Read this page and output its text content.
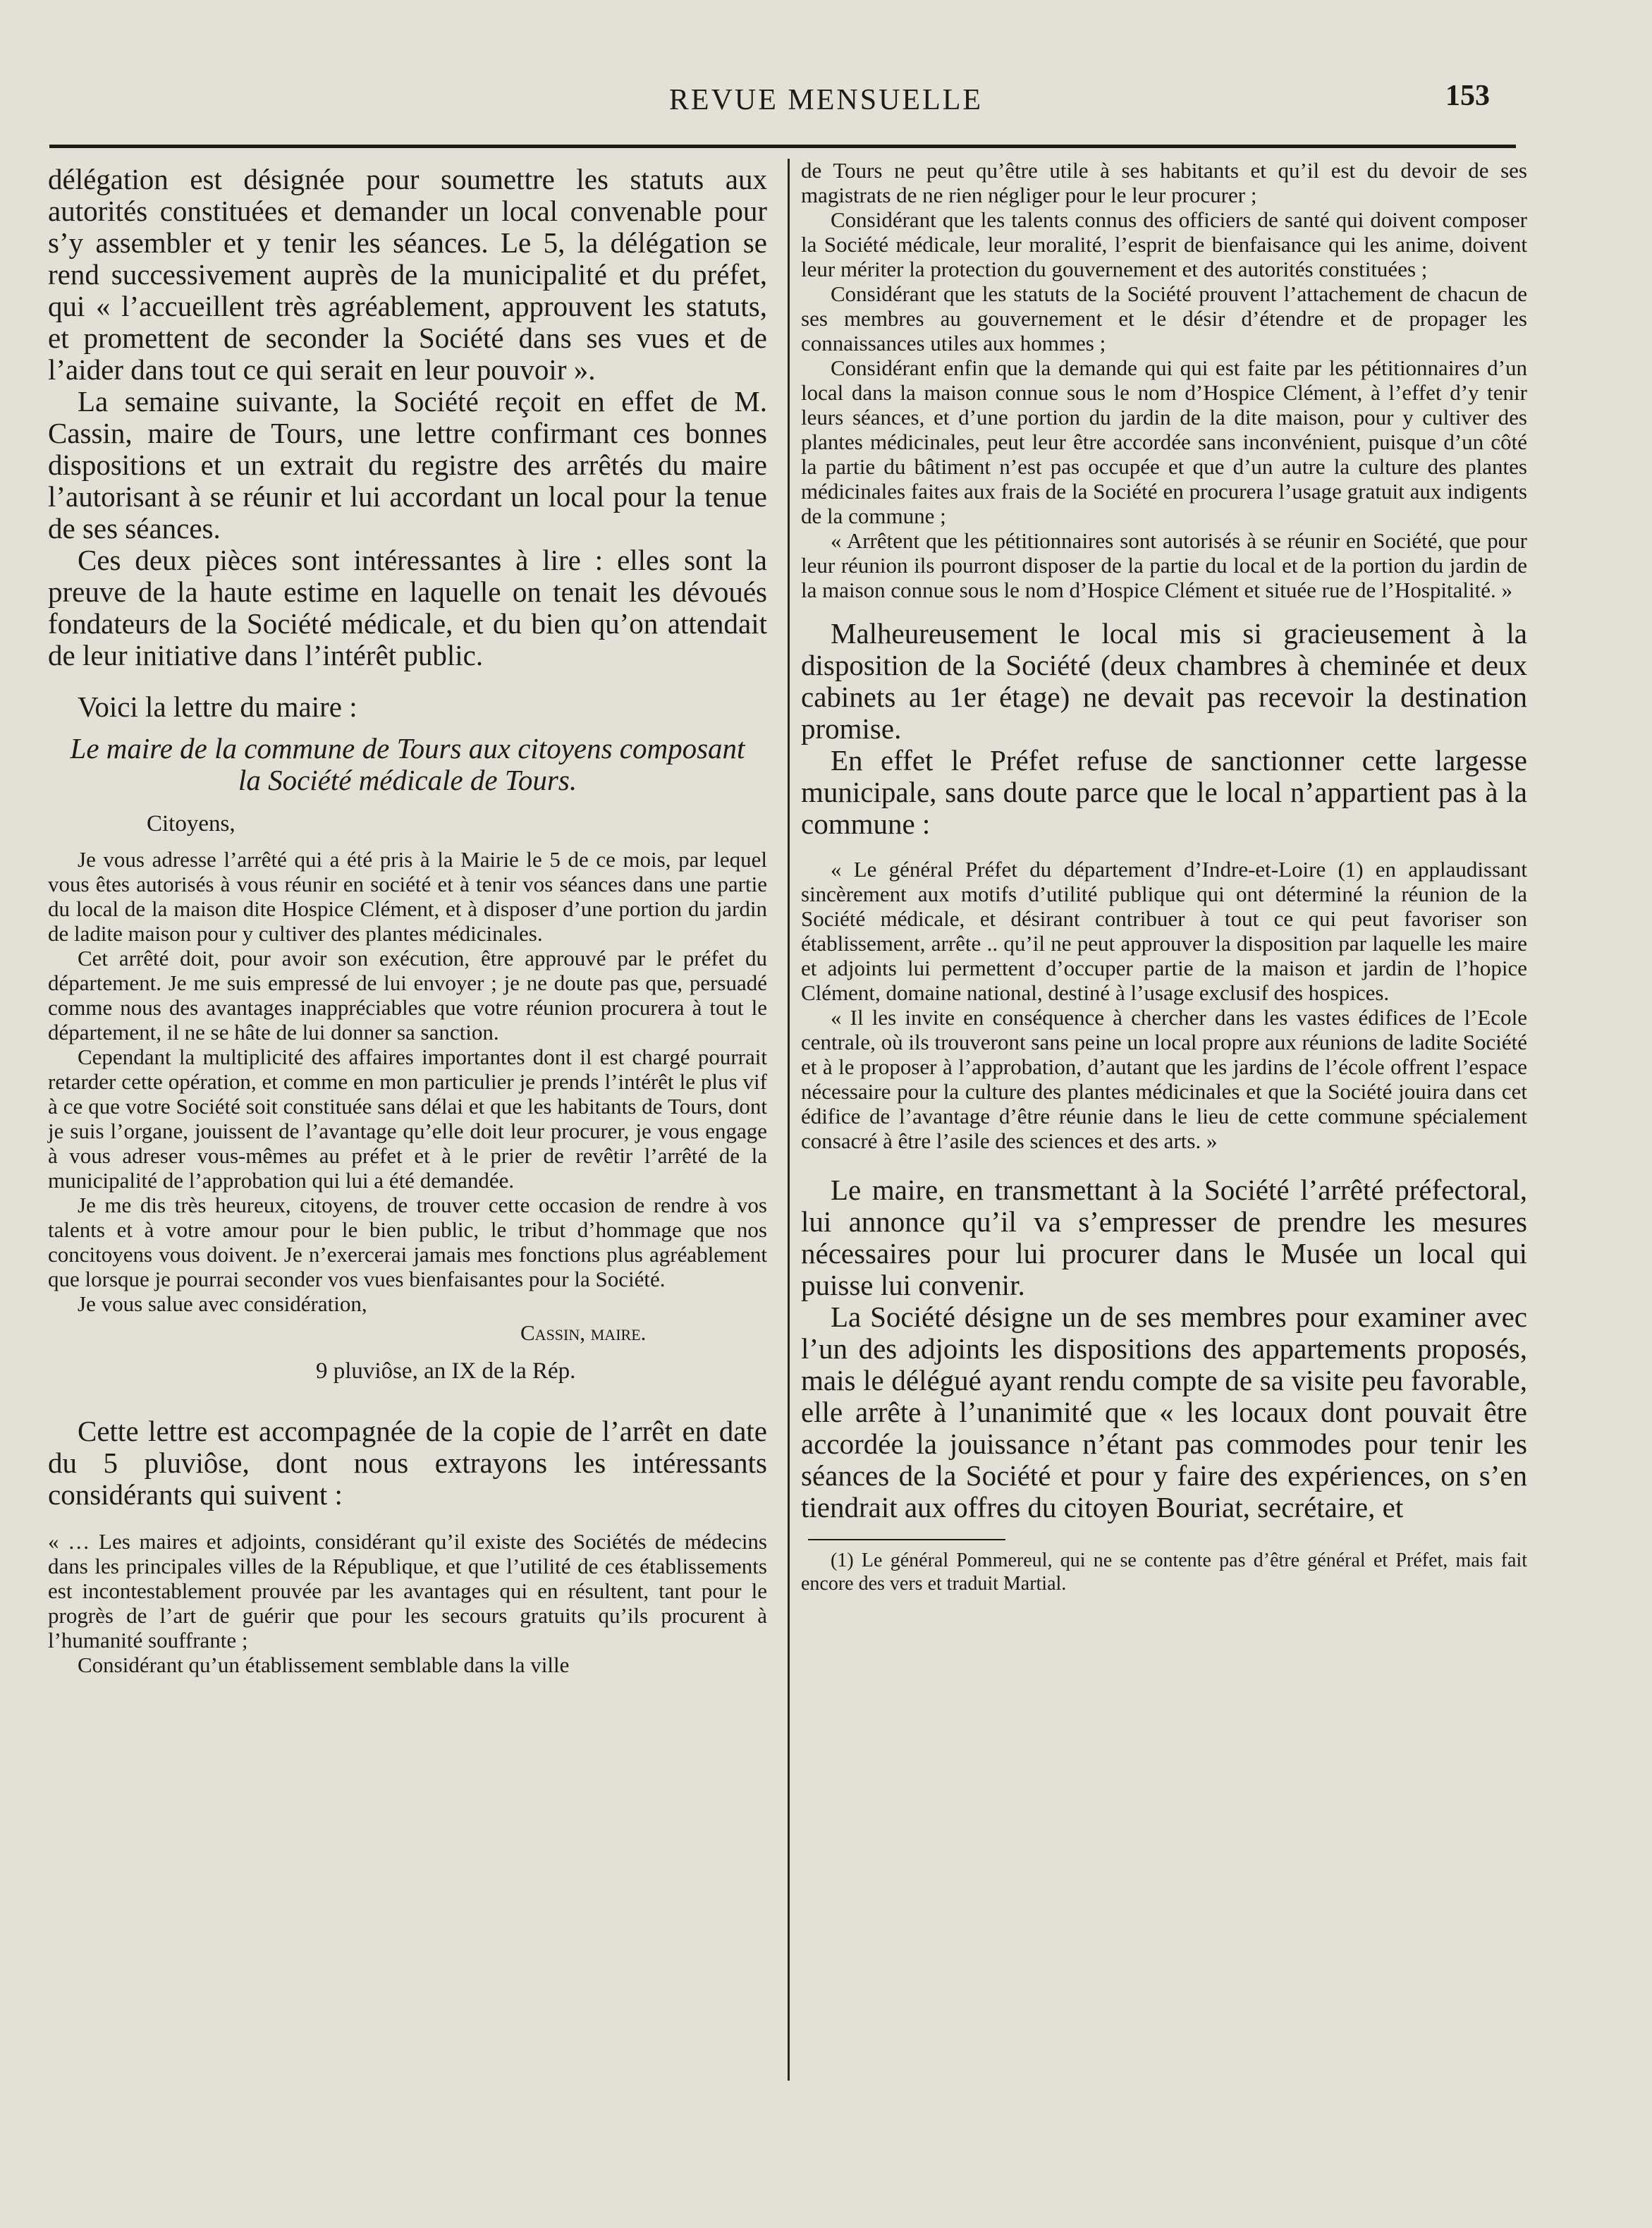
REVUE MENSUELLE	153

délégation est désignée pour soumettre les statuts aux autorités constituées et demander un local convenable pour s’y assembler et y tenir les séances. Le 5, la délégation se rend successivement auprès de la municipalité et du préfet, qui « l’accueillent très agréablement, approuvent les statuts, et promettent de seconder la Société dans ses vues et de l’aider dans tout ce qui serait en leur pouvoir ».

La semaine suivante, la Société reçoit en effet de M. Cassin, maire de Tours, une lettre confirmant ces bonnes dispositions et un extrait du registre des arrêtés du maire l’autorisant à se réunir et lui accordant un local pour la tenue de ses séances.

Ces deux pièces sont intéressantes à lire : elles sont la preuve de la haute estime en laquelle on tenait les dévoués fondateurs de la Société médicale, et du bien qu’on attendait de leur initiative dans l’intérêt public.

Voici la lettre du maire :

Le maire de la commune de Tours aux citoyens composant la Société médicale de Tours.

Citoyens,

Je vous adresse l’arrêté qui a été pris à la Mairie le 5 de ce mois, par lequel vous êtes autorisés à vous réunir en société et à tenir vos séances dans une partie du local de la maison dite Hospice Clément, et à disposer d’une portion du jardin de ladite maison pour y cultiver des plantes médicinales.

Cet arrêté doit, pour avoir son exécution, être approuvé par le préfet du département. Je me suis empressé de lui envoyer ; je ne doute pas que, persuadé comme nous des avantages inappréciables que votre réunion procurera à tout le département, il ne se hâte de lui donner sa sanction.

Cependant la multiplicité des affaires importantes dont il est chargé pourrait retarder cette opération, et comme en mon particulier je prends l’intérêt le plus vif à ce que votre Société soit constituée sans délai et que les habitants de Tours, dont je suis l’organe, jouissent de l’avantage qu’elle doit leur procurer, je vous engage à vous adreser vous-mêmes au préfet et à le prier de revêtir l’arrêté de la municipalité de l’approbation qui lui a été demandée.

Je me dis très heureux, citoyens, de trouver cette occasion de rendre à vos talents et à votre amour pour le bien public, le tribut d’hommage que nos concitoyens vous doivent. Je n’exercerai jamais mes fonctions plus agréablement que lorsque je pourrai seconder vos vues bienfaisantes pour la Société.

Je vous salue avec considération,

Cassin, maire.

9 pluviôse, an IX de la Rép.

Cette lettre est accompagnée de la copie de l’arrêt en date du 5 pluviôse, dont nous extrayons les intéressants considérants qui suivent :

« … Les maires et adjoints, considérant qu’il existe des Sociétés de médecins dans les principales villes de la République, et que l’utilité de ces établissements est incontestablement prouvée par les avantages qui en résultent, tant pour le progrès de l’art de guérir que pour les secours gratuits qu’ils procurent à l’humanité souffrante ;

Considérant qu’un établissement semblable dans la ville

de Tours ne peut qu’être utile à ses habitants et qu’il est du devoir de ses magistrats de ne rien négliger pour le leur procurer ;

Considérant que les talents connus des officiers de santé qui doivent composer la Société médicale, leur moralité, l’esprit de bienfaisance qui les anime, doivent leur mériter la protection du gouvernement et des autorités constituées ;

Considérant que les statuts de la Société prouvent l’attachement de chacun de ses membres au gouvernement et le désir d’étendre et de propager les connaissances utiles aux hommes ;

Considérant enfin que la demande qui qui est faite par les pétitionnaires d’un local dans la maison connue sous le nom d’Hospice Clément, à l’effet d’y tenir leurs séances, et d’une portion du jardin de la dite maison, pour y cultiver des plantes médicinales, peut leur être accordée sans inconvénient, puisque d’un côté la partie du bâtiment n’est pas occupée et que d’un autre la culture des plantes médicinales faites aux frais de la Société en procurera l’usage gratuit aux indigents de la commune ;

« Arrêtent que les pétitionnaires sont autorisés à se réunir en Société, que pour leur réunion ils pourront disposer de la partie du local et de la portion du jardin de la maison connue sous le nom d’Hospice Clément et située rue de l’Hospitalité. »

Malheureusement le local mis si gracieusement à la disposition de la Société (deux chambres à cheminée et deux cabinets au 1er étage) ne devait pas recevoir la destination promise.

En effet le Préfet refuse de sanctionner cette largesse municipale, sans doute parce que le local n’appartient pas à la commune :

« Le général Préfet du département d’Indre-et-Loire (1) en applaudissant sincèrement aux motifs d’utilité publique qui ont déterminé la réunion de la Société médicale, et désirant contribuer à tout ce qui peut favoriser son établissement, arrête .. qu’il ne peut approuver la disposition par laquelle les maire et adjoints lui permettent d’occuper partie de la maison et jardin de l’hopice Clément, domaine national, destiné à l’usage exclusif des hospices.

« Il les invite en conséquence à chercher dans les vastes édifices de l’Ecole centrale, où ils trouveront sans peine un local propre aux réunions de ladite Société et à le proposer à l’approbation, d’autant que les jardins de l’école offrent l’espace nécessaire pour la culture des plantes médicinales et que la Société jouira dans cet édifice de l’avantage d’être réunie dans le lieu de cette commune spécialement consacré à être l’asile des sciences et des arts. »

Le maire, en transmettant à la Société l’arrêté préfectoral, lui annonce qu’il va s’empresser de prendre les mesures nécessaires pour lui procurer dans le Musée un local qui puisse lui convenir.

La Société désigne un de ses membres pour examiner avec l’un des adjoints les dispositions des appartements proposés, mais le délégué ayant rendu compte de sa visite peu favorable, elle arrête à l’unanimité que « les locaux dont pouvait être accordée la jouissance n’étant pas commodes pour tenir les séances de la Société et pour y faire des expériences, on s’en tiendrait aux offres du citoyen Bouriat, secrétaire, et

(1) Le général Pommereul, qui ne se contente pas d’être général et Préfet, mais fait encore des vers et traduit Martial.
